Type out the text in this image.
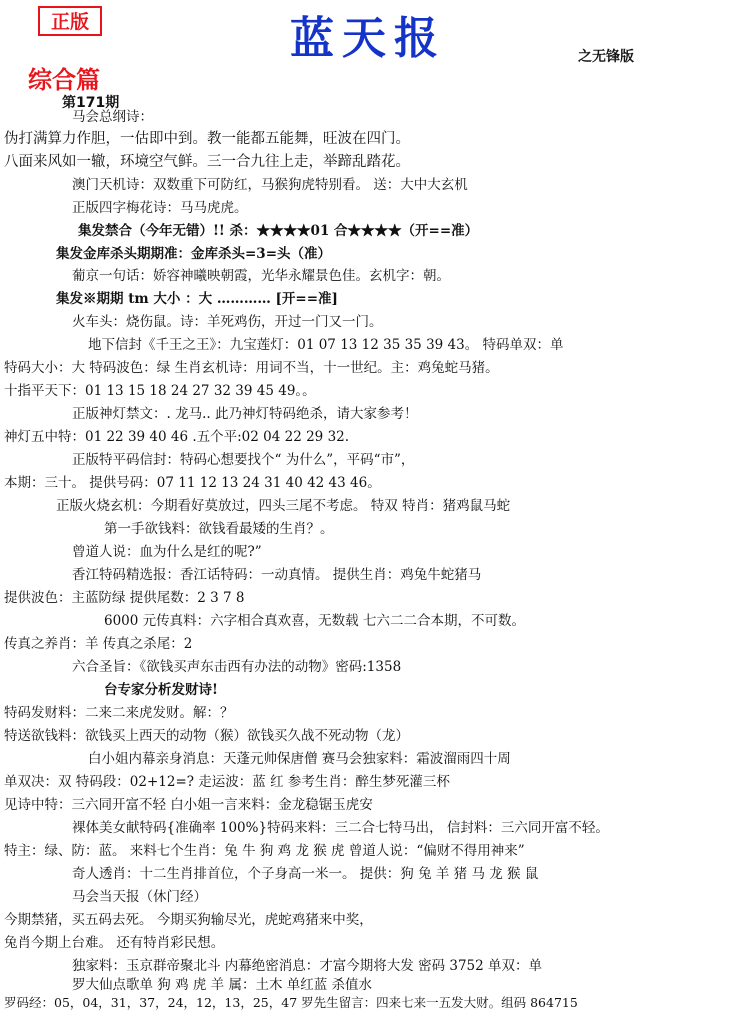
正版	蓝天报	之无锋版
综合篇
第171期
马会总纲诗：
伪打满算力作胆，一估即中到。教一能都五能舞，旺波在四门。
八面来风如一辙，环境空气鲜。三一合九往上走，举蹄乱踏花。
澳门天机诗：双数重下可防红，马猴狗虎特别看。 送：大中大玄机
正版四字梅花诗：马马虎虎。
集发禁合（今年无错）!! 杀：★★★★01 合★★★★（开==准）
集发金库杀头期期准：金库杀头=3=头（准）
葡京一句话：娇容神曦映朝霞，光华永耀景色佳。玄机字：朝。
集发※期期 tm 大小 ：大 ………… [开==准]
火车头：烧伤鼠。诗：羊死鸡伤，开过一门又一门。
地下信封《千王之王》：九宝莲灯：01 07 13 12 35 35 39 43。 特码单双：单
特码大小：大 特码波色：绿 生肖玄机诗：用词不当，十一世纪。主：鸡兔蛇马猪。
十指平天下：01 13 15 18 24 27 32 39 45 49。。
正版神灯禁文：. 龙马.. 此乃神灯特码绝杀，请大家参考！
神灯五中特：01 22 39 40 46 .五个平:02 04 22 29 32.
正版特平码信封：特码心想要找个“ 为什么”，平码“市”，
本期：三十。 提供号码：07 11 12 13 24 31 40 42 43 46。
正版火烧玄机：今期看好莫放过，四头三尾不考虑。 特双 特肖：猪鸡鼠马蛇
第一手欲钱料：欲钱看最矮的生肖？。
曾道人说：血为什么是红的呢?”
香江特码精选报：香江话特码：一动真情。 提供生肖：鸡兔牛蛇猪马
提供波色：主蓝防绿 提供尾数：2 3 7 8
6000 元传真料：六字相合真欢喜，无数载 七六二二合本期，不可数。
传真之养肖：羊 传真之杀尾：2
六合圣旨：《欲钱买声东击西有办法的动物》密码:1358
台专家分析发财诗!
特码发财料：二来二来虎发财。解：？
特送欲钱料：欲钱买上西天的动物（猴）欲钱买久战不死动物（龙）
白小姐内幕亲身消息：天蓬元帅保唐僧 赛马会独家料：霜波溜雨四十周
单双决：双 特码段：02+12=? 走运波：蓝 红 参考生肖：醉生梦死灌三杯
见诗中特：三六同开富不轻 白小姐一言来料：金龙稳锯玉虎安
裸体美女献特码{准确率 100%}特码来料：三二合七特马出， 信封料：三六同开富不轻。
特主：绿、防：蓝。 来料七个生肖：兔 牛 狗 鸡 龙 猴 虎 曾道人说：“偏财不得用神来”
奇人透肖：十二生肖排首位，个子身高一米一。 提供：狗 兔 羊 猪 马 龙 猴 鼠
马会当天报（休门经）
今期禁猪，买五码去死。 今期买狗输尽光，虎蛇鸡猪来中奖，
兔肖今期上台难。 还有特肖彩民想。
独家料：玉京群帝聚北斗 内幕绝密消息：才富今期将大发 密码 3752 单双：单
罗大仙点歌单 狗 鸡 虎 羊 属：土木 单红蓝 杀值水
罗码经：05，04，31，37，24，12，13，25，47 罗先生留言：四来七来一五发大财。组码 864715
